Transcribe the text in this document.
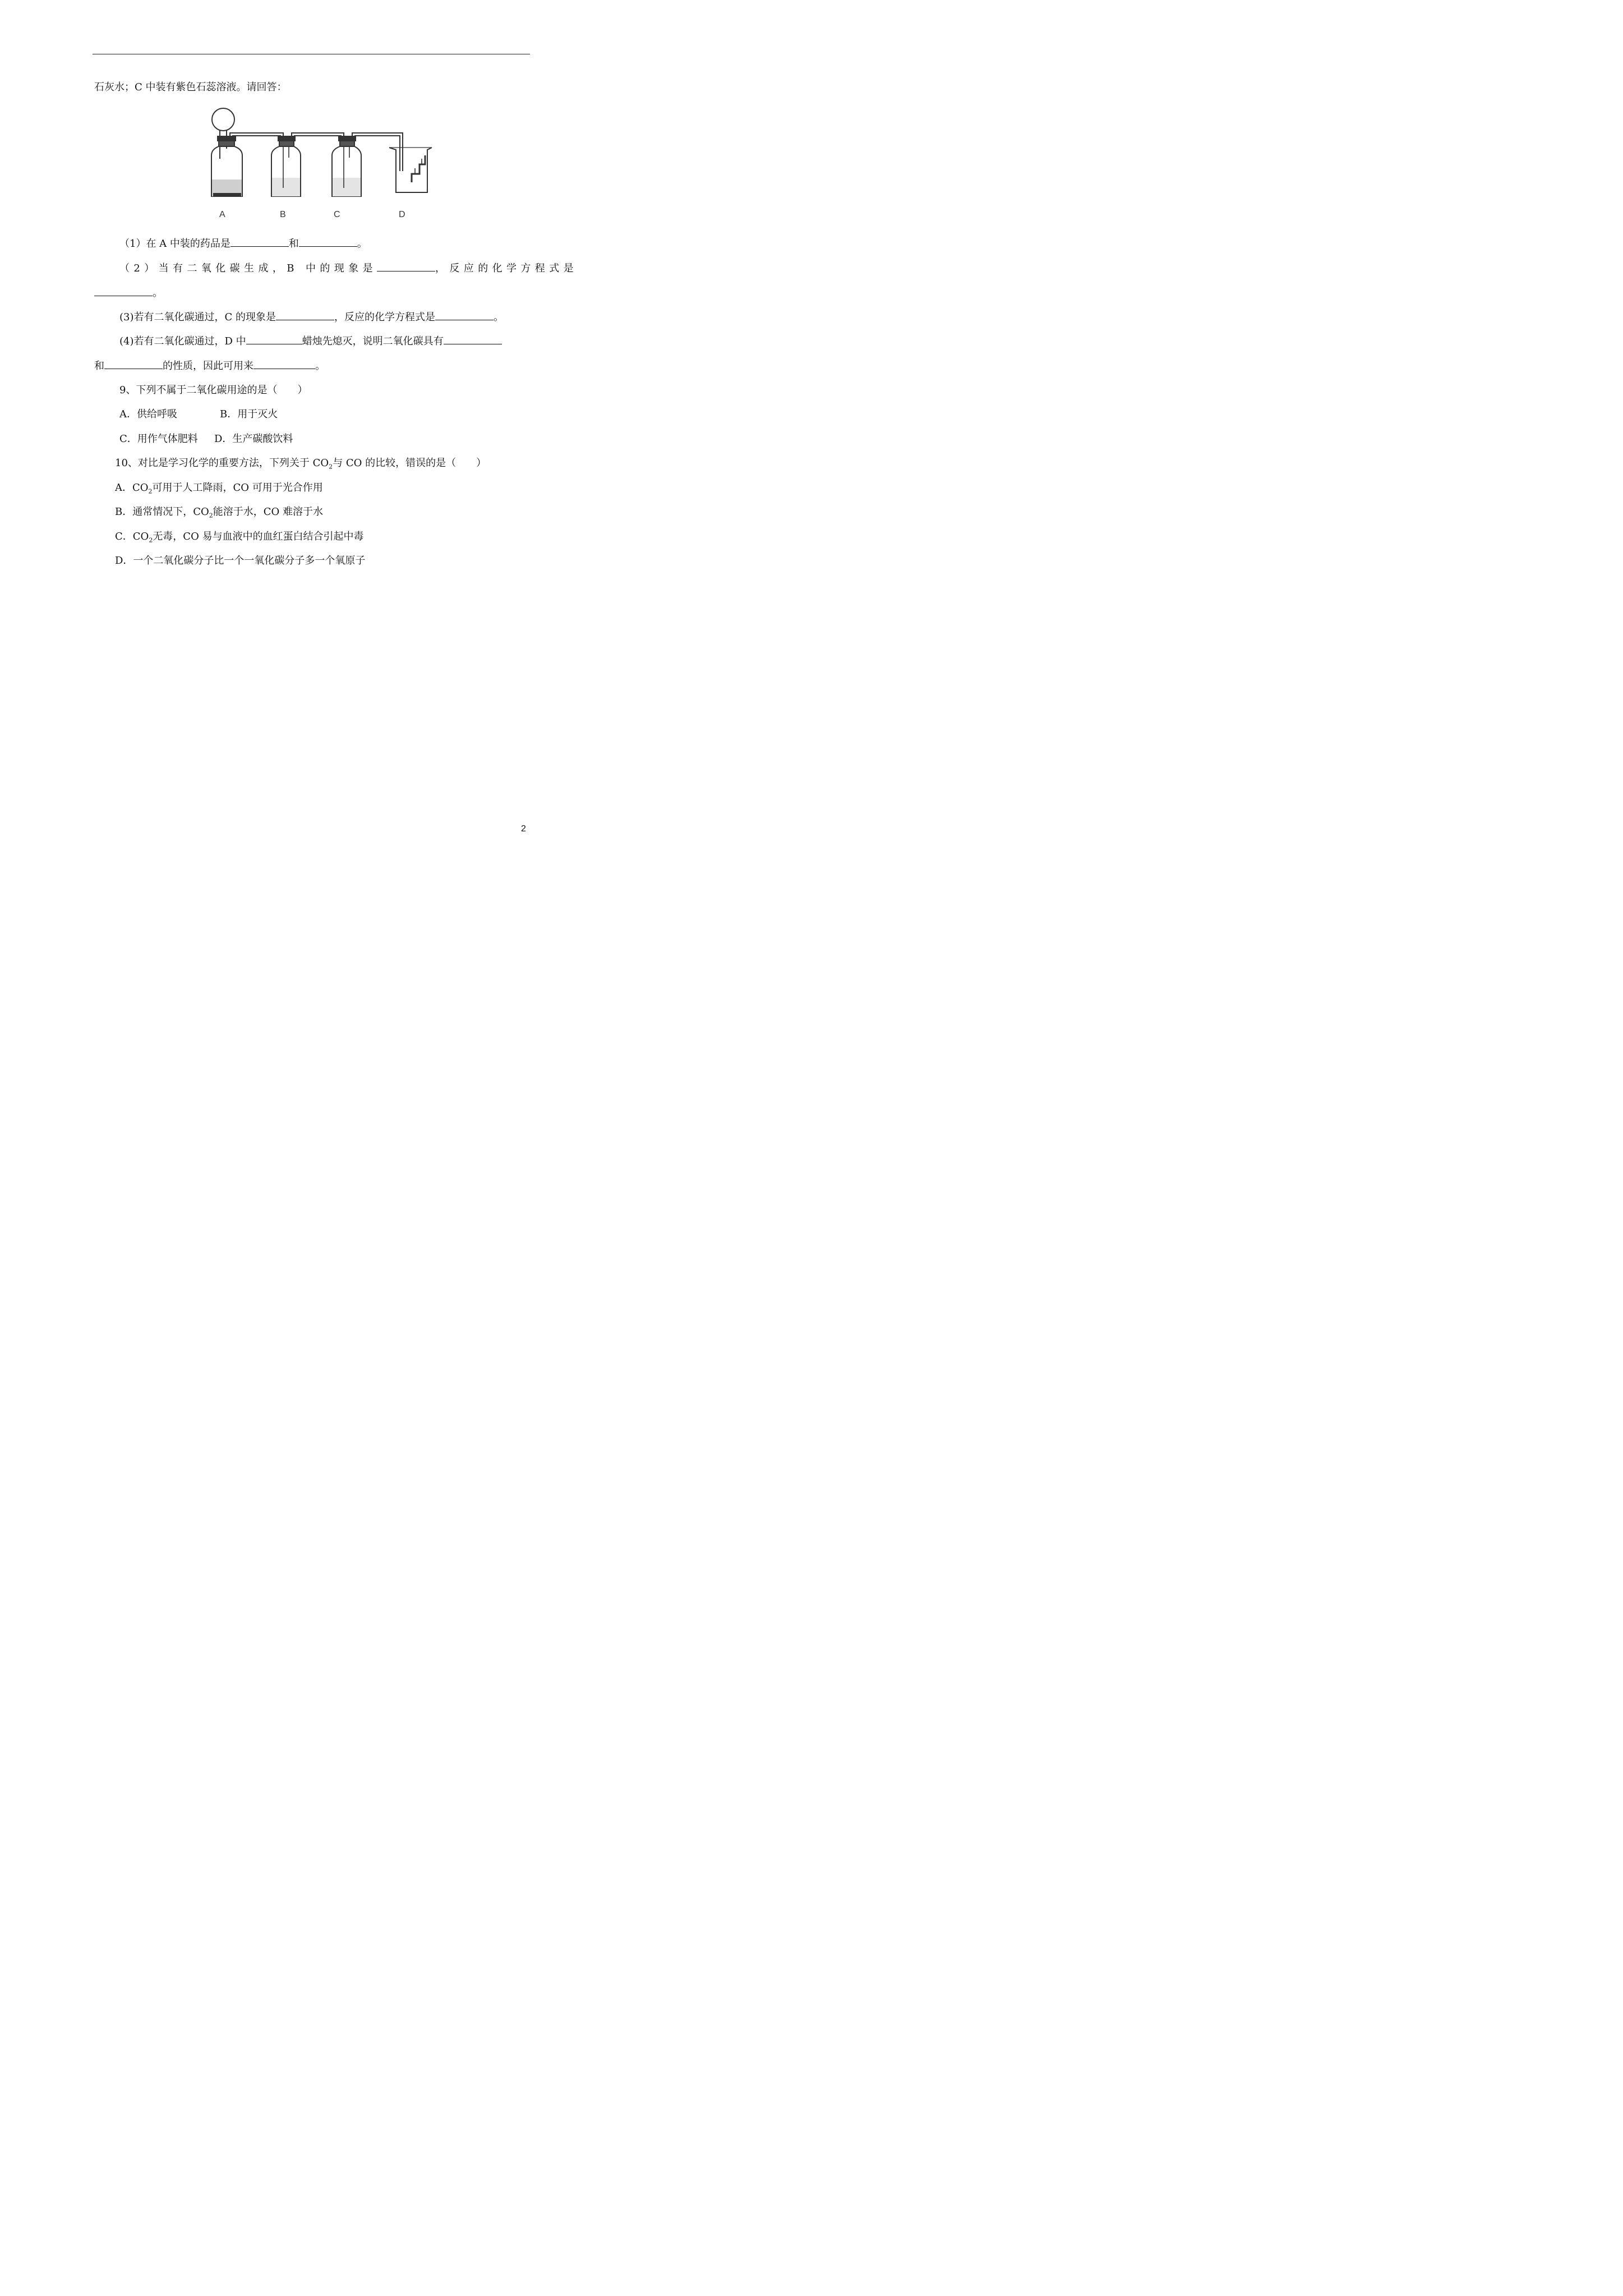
石灰水；C 中装有紫色石蕊溶液。请回答：
A	B	C	D
（1）在 A 中装的药品是	和	。
（2）当有二氧化碳生成，B 中的现象是	，反应的化学方程式是
。
(3)若有二氧化碳通过，C 的现象是	，反应的化学方程式是	。
(4)若有二氧化碳通过，D 中	蜡烛先熄灭，说明二氧化碳具有
和	的性质，因此可用来	。
9、下列不属于二氧化碳用途的是（　　）
A．供给呼吸	B．用于灭火
C．用作气体肥料 D．生产碳酸饮料
10、对比是学习化学的重要方法，下列关于 $CO_2$与 CO 的比较，错误的是（　　）
A．$CO_2$可用于人工降雨，CO 可用于光合作用
B．通常情况下，$CO_2$能溶于水，CO 难溶于水
C．$CO_2$无毒，CO 易与血液中的血红蛋白结合引起中毒
D．一个二氧化碳分子比一个一氧化碳分子多一个氧原子
2
